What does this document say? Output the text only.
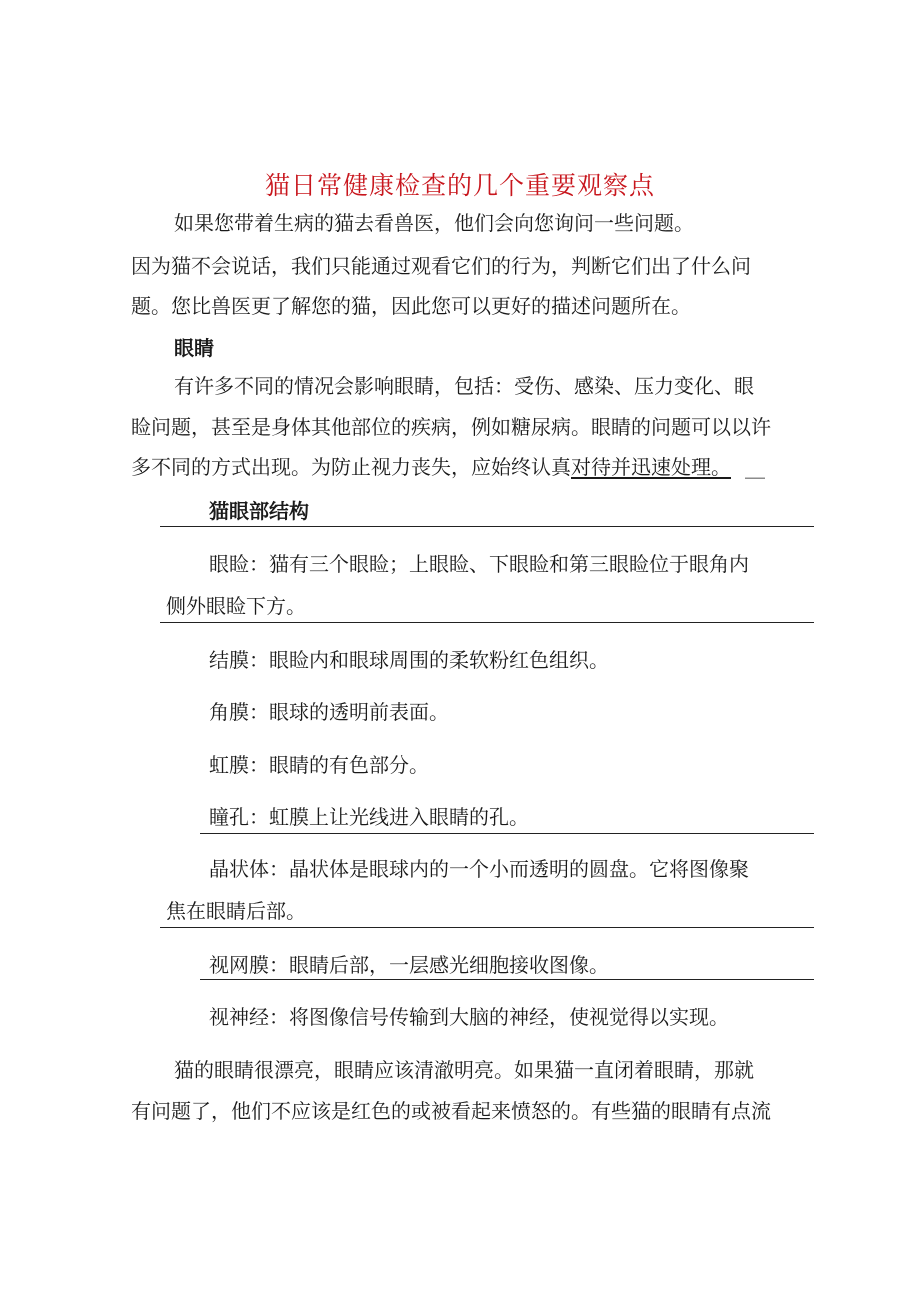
猫日常健康检查的几个重要观察点
如果您带着生病的猫去看兽医，他们会向您询问一些问题。
因为猫不会说话，我们只能通过观看它们的行为，判断它们出了什么问
题。您比兽医更了解您的猫，因此您可以更好的描述问题所在。
眼睛
有许多不同的情况会影响眼睛，包括：受伤、感染、压力变化、眼
睑问题，甚至是身体其他部位的疾病，例如糖尿病。眼睛的问题可以以许
多不同的方式出现。为防止视力丧失，应始终认真对待并迅速处理。 __
猫眼部结构
眼睑：猫有三个眼睑；上眼睑、下眼睑和第三眼睑位于眼角内
侧外眼睑下方。
结膜：眼睑内和眼球周围的柔软粉红色组织。
角膜：眼球的透明前表面。
虹膜：眼睛的有色部分。
瞳孔：虹膜上让光线进入眼睛的孔。
晶状体：晶状体是眼球内的一个小而透明的圆盘。它将图像聚
焦在眼睛后部。
视网膜：眼睛后部，一层感光细胞接收图像。
视神经：将图像信号传输到大脑的神经，使视觉得以实现。
猫的眼睛很漂亮，眼睛应该清澈明亮。如果猫一直闭着眼睛，那就
有问题了，他们不应该是红色的或被看起来愤怒的。有些猫的眼睛有点流
